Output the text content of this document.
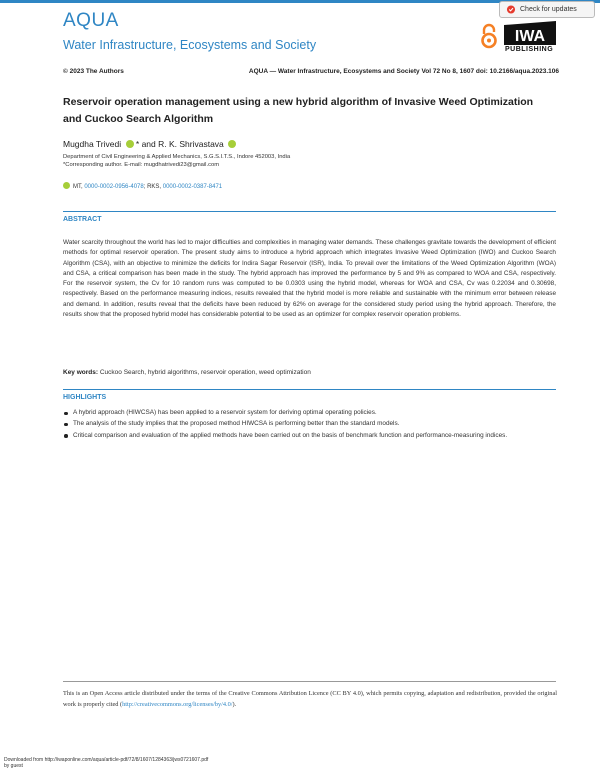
AQUA
Water Infrastructure, Ecosystems and Society
Check for updates
IWA
PUBLISHING
© 2023 The Authors	AQUA — Water Infrastructure, Ecosystems and Society Vol 72 No 8, 1607 doi: 10.2166/aqua.2023.106
Reservoir operation management using a new hybrid algorithm of Invasive Weed Optimization and Cuckoo Search Algorithm
Mugdha Trivedi * and R. K. Shrivastava
Department of Civil Engineering & Applied Mechanics, S.G.S.I.T.S., Indore 452003, India
*Corresponding author. E-mail: mugdhatrivedi23@gmail.com
MT, 0000-0002-0956-4078; RKS, 0000-0002-0387-8471
ABSTRACT

Water scarcity throughout the world has led to major difficulties and complexities in managing water demands. These challenges gravitate towards the development of efficient methods for optimal reservoir operation. The present study aims to introduce a hybrid approach which integrates Invasive Weed Optimization (IWO) and Cuckoo Search Algorithm (CSA), with an objective to minimize the deficits for Indira Sagar Reservoir (ISR), India. To prevail over the limitations of the Weed Optimization Algorithm (WOA) and CSA, a critical comparison has been made in the study. The hybrid approach has improved the performance by 5 and 9% as compared to WOA and CSA, respectively. For the reservoir system, the Cv for 10 random runs was computed to be 0.0303 using the hybrid model, whereas for WOA and CSA, Cv was 0.22034 and 0.30698, respectively. Based on the performance measuring indices, results revealed that the hybrid model is more reliable and sustainable with the minimum error between release and demand. In addition, results reveal that the deficits have been reduced by 62% on average for the considered study period using the hybrid approach. Therefore, the results show that the proposed hybrid model has considerable potential to be used as an optimizer for complex reservoir operation problems.

Key words: Cuckoo Search, hybrid algorithms, reservoir operation, weed optimization
HIGHLIGHTS
A hybrid approach (HIWCSA) has been applied to a reservoir system for deriving optimal operating policies.
The analysis of the study implies that the proposed method HIWCSA is performing better than the standard models.
Critical comparison and evaluation of the applied methods have been carried out on the basis of benchmark function and performance-measuring indices.

This is an Open Access article distributed under the terms of the Creative Commons Attribution Licence (CC BY 4.0), which permits copying, adaptation and redistribution, provided the original work is properly cited (http://creativecommons.org/licenses/by/4.0/).

Downloaded from http://iwaponline.com/aqua/article-pdf/72/8/1607/1284363/jws0721607.pdf
by guest
